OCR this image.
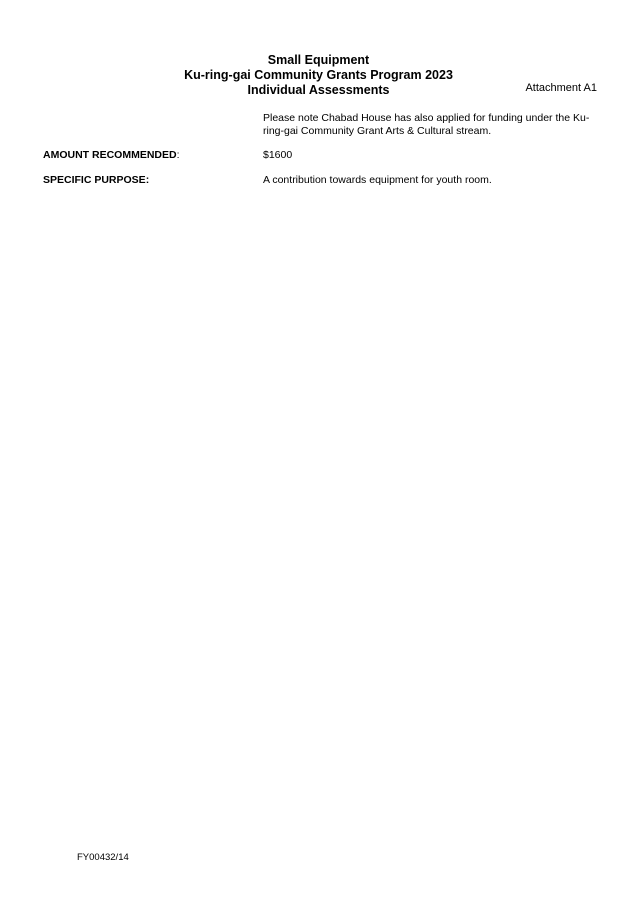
Small Equipment
Ku-ring-gai Community Grants Program 2023
Individual Assessments	Attachment A1
Please note Chabad House has also applied for funding under the Ku-
ring-gai Community Grant Arts & Cultural stream.
AMOUNT RECOMMENDED:	$1600
SPECIFIC PURPOSE:	A contribution towards equipment for youth room.
FY00432/14
